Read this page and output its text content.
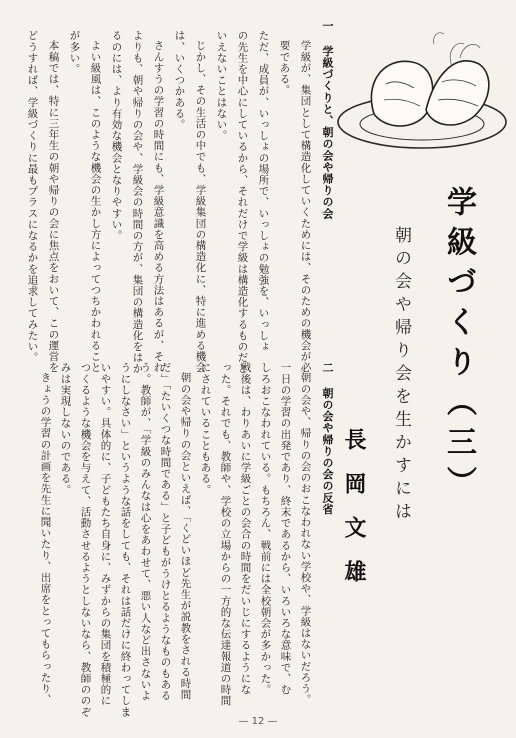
学級づくり（三）
朝の会や帰り会を生かすには
長岡文雄
一 学級づくりと、朝の会や帰りの会
学級が、集団として構造化していくためには、そのための機会が必
要である。
ただ、成員が、いっしょの場所で、いっしょの勉強を、いっしょ
の先生を中心にしているから、それだけで学級は構造化するものだと
いえないことはない。
じかし、その生活の中でも、学級集団の構造化に、特に進める機会
は、いくつかある。
さんすうの学習の時間にも、学級意識を高める方法はあるが、それ
よりも、朝や帰りの会や、学級会の時間の方が、集団の構造化をはか
るのには、より有効な機会となりやすい。
よい級風は、このような機会の生かし方によってつちかわれること
が多い。
本稿では、特に三年生の朝や帰りの会に焦点をおいて、この運営を
どうすれば、学級づくりに最もプラスになるかを追求してみたい。
二 朝の会や帰りの会の反省
朝の会や、帰りの会のおこなわれない学校や、学級はないだろう。
一日の学習の出発であり、終末であるから、いろいろな意味で、む
しろおこなわれている。もちろん、戦前には全校朝会が多かった。
戦後は、わりあいに学級ごとの会合の時間をだいじにするようにな
った。それでも、教師や、学校の立場からの一方的な伝達報道の時間
にされていることもある。
朝の会や帰りの会といえば、「くどいほど先生が説教をされる時間
だ」「たいくつな時間である」と子どもがうけとるようなものもある
う。教師が、「学級のみんなは心をあわせて、悪い人など出さないよ
うにしなさい」というような話をしても、それは話だけに終わってしま
いやすい。具体的に、子どもたち自身に、みずからの集団を積極的に
つくるような機会を与えて、活動させるようとしないなら、教師ののぞ
みは実現しないのである。
きょうの学習の計画を先生に聞いたり、出席をとってもらったり、
— 12 —
